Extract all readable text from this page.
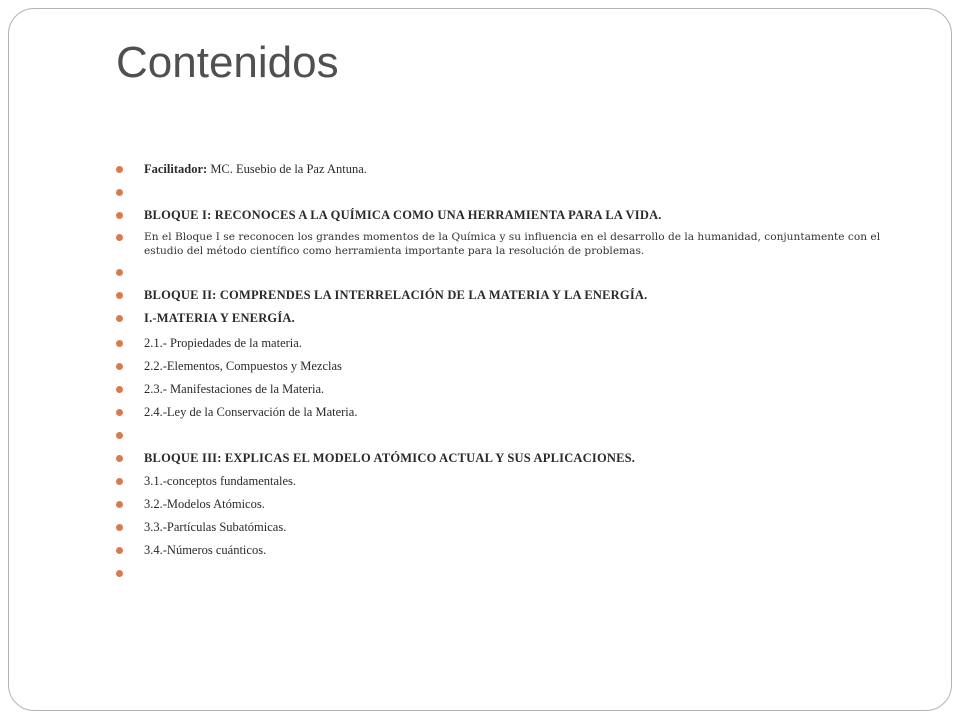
Contenidos
Facilitador: MC. Eusebio de la Paz Antuna.
BLOQUE I: RECONOCES A LA QUÍMICA COMO UNA HERRAMIENTA PARA LA VIDA.
En el Bloque I se reconocen los grandes momentos de la Química y su influencia en el desarrollo de la humanidad, conjuntamente con el estudio del método científico como herramienta importante para la resolución de problemas.
BLOQUE II: COMPRENDES LA INTERRELACIÓN DE LA MATERIA Y LA ENERGÍA.
I.-MATERIA Y ENERGÍA.
2.1.- Propiedades de la materia.
2.2.-Elementos, Compuestos y Mezclas
2.3.- Manifestaciones de la Materia.
2.4.-Ley de la Conservación de la Materia.
BLOQUE III: EXPLICAS EL MODELO ATÓMICO ACTUAL Y SUS APLICACIONES.
3.1.-conceptos fundamentales.
3.2.-Modelos Atómicos.
3.3.-Partículas Subatómicas.
3.4.-Números cuánticos.
